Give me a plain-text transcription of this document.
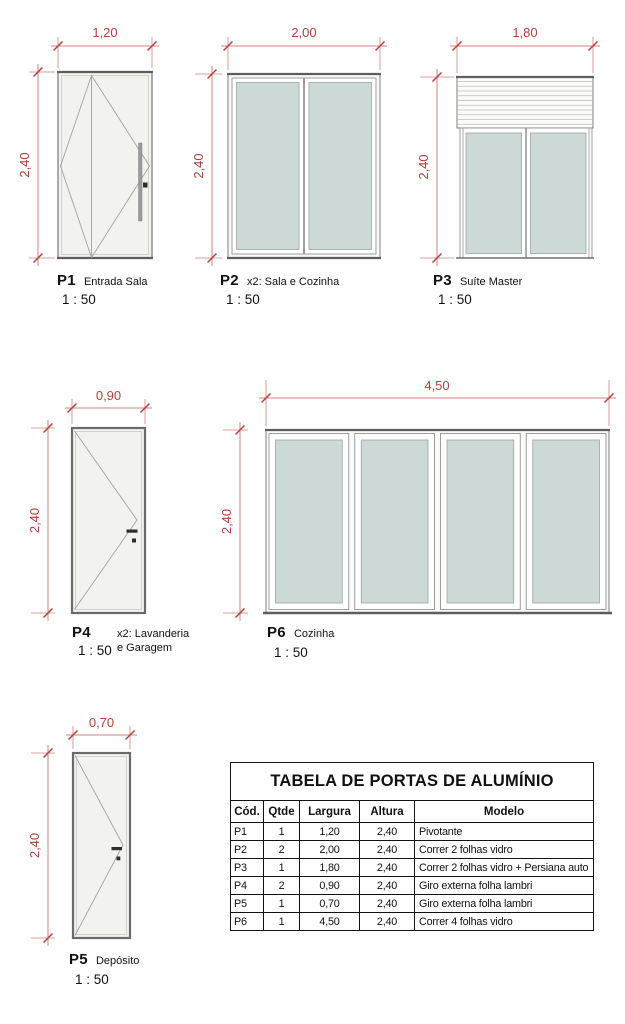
1,20
2,40
2,00
2,40
1,80
2,40
0,90
2,40
4,50
2,40
0,70
2,40
P1 Entrada Sala
1 : 50
P2 x2: Sala e Cozinha
1 : 50
P3 Suíte Master
1 : 50
P4 x2: Lavanderia
e Garagem
1 : 50
P6 Cozinha
1 : 50
P5 Depósito
1 : 50
TABELA DE PORTAS DE ALUMÍNIO				
Cód.	Qtde	Largura	Altura	Modelo
P1	1	1,20	2,40	Pivotante
P2	2	2,00	2,40	Correr 2 folhas vidro
P3	1	1,80	2,40	Correr 2 folhas vidro + Persiana auto
P4	2	0,90	2,40	Giro externa folha lambri
P5	1	0,70	2,40	Giro externa folha lambri
P6	1	4,50	2,40	Correr 4 folhas vidro
